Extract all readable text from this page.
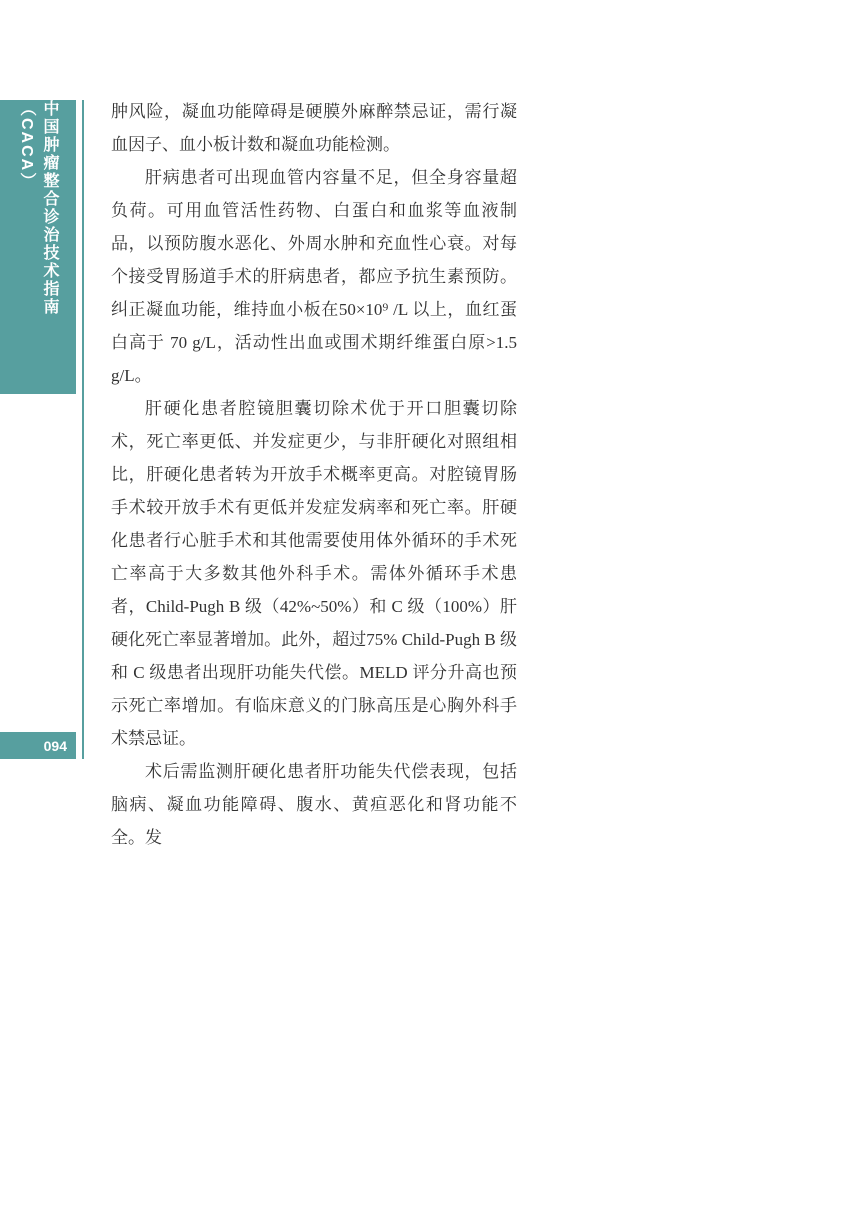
中国肿瘤整合诊治技术指南（CACA）
094

肿风险，凝血功能障碍是硬膜外麻醉禁忌证，需行凝血因子、血小板计数和凝血功能检测。

肝病患者可出现血管内容量不足，但全身容量超负荷。可用血管活性药物、白蛋白和血浆等血液制品，以预防腹水恶化、外周水肿和充血性心衰。对每个接受胃肠道手术的肝病患者，都应予抗生素预防。纠正凝血功能，维持血小板在50×10⁹ /L 以上，血红蛋白高于 70 g/L，活动性出血或围术期纤维蛋白原>1.5 g/L。

肝硬化患者腔镜胆囊切除术优于开口胆囊切除术，死亡率更低、并发症更少，与非肝硬化对照组相比，肝硬化患者转为开放手术概率更高。对腔镜胃肠手术较开放手术有更低并发症发病率和死亡率。肝硬化患者行心脏手术和其他需要使用体外循环的手术死亡率高于大多数其他外科手术。需体外循环手术患者，Child-Pugh B 级（42%~50%）和 C 级（100%）肝硬化死亡率显著增加。此外，超过75% Child-Pugh B 级和 C 级患者出现肝功能失代偿。MELD 评分升高也预示死亡率增加。有临床意义的门脉高压是心胸外科手术禁忌证。

术后需监测肝硬化患者肝功能失代偿表现，包括脑病、凝血功能障碍、腹水、黄疸恶化和肾功能不全。发
